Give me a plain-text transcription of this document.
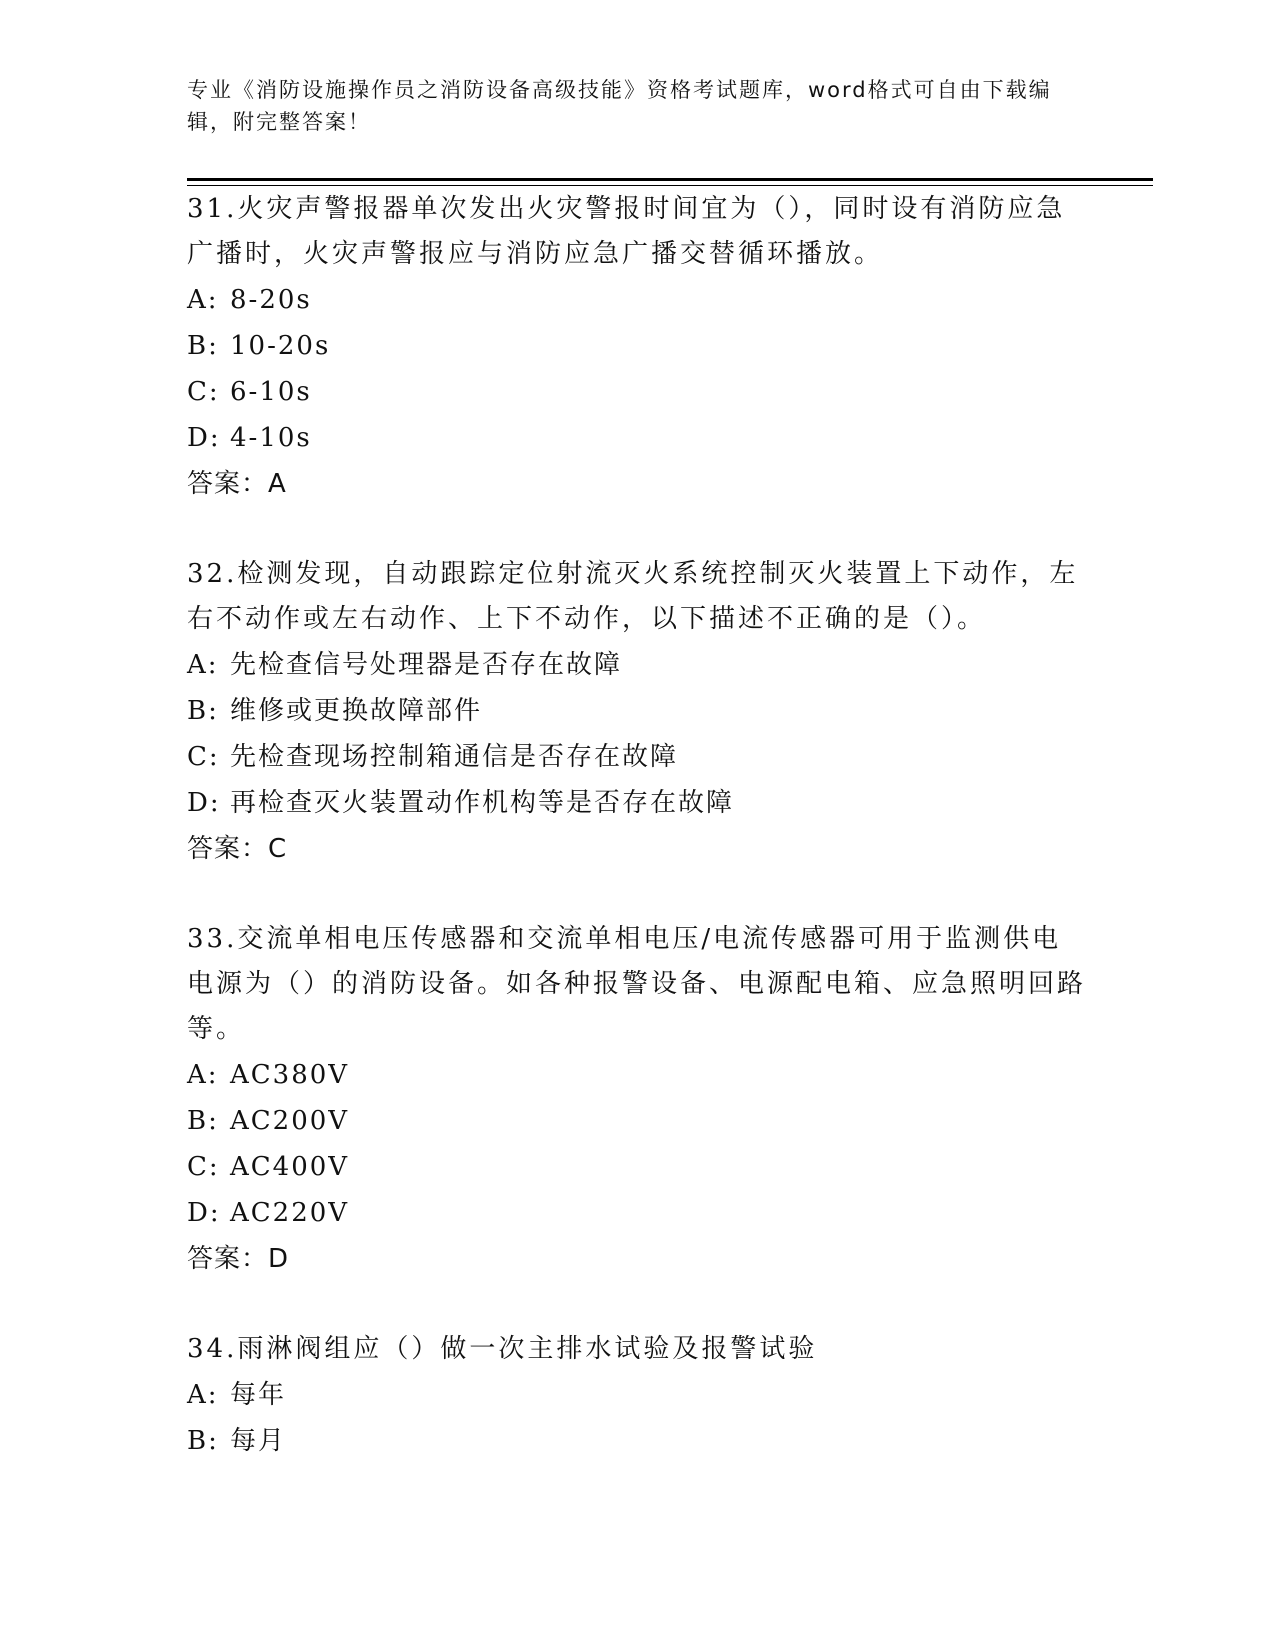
专业《消防设施操作员之消防设备高级技能》资格考试题库，word格式可自由下载编辑，附完整答案！
31.火灾声警报器单次发出火灾警报时间宜为（），同时设有消防应急广播时，火灾声警报应与消防应急广播交替循环播放。
A: 8-20s
B: 10-20s
C: 6-10s
D: 4-10s
答案：A
32.检测发现，自动跟踪定位射流灭火系统控制灭火装置上下动作，左右不动作或左右动作、上下不动作，以下描述不正确的是（）。
A: 先检查信号处理器是否存在故障
B: 维修或更换故障部件
C: 先检查现场控制箱通信是否存在故障
D: 再检查灭火装置动作机构等是否存在故障
答案：C
33.交流单相电压传感器和交流单相电压/电流传感器可用于监测供电电源为（）的消防设备。如各种报警设备、电源配电箱、应急照明回路等。
A: AC380V
B: AC200V
C: AC400V
D: AC220V
答案：D
34.雨淋阀组应（）做一次主排水试验及报警试验
A: 每年
B: 每月
